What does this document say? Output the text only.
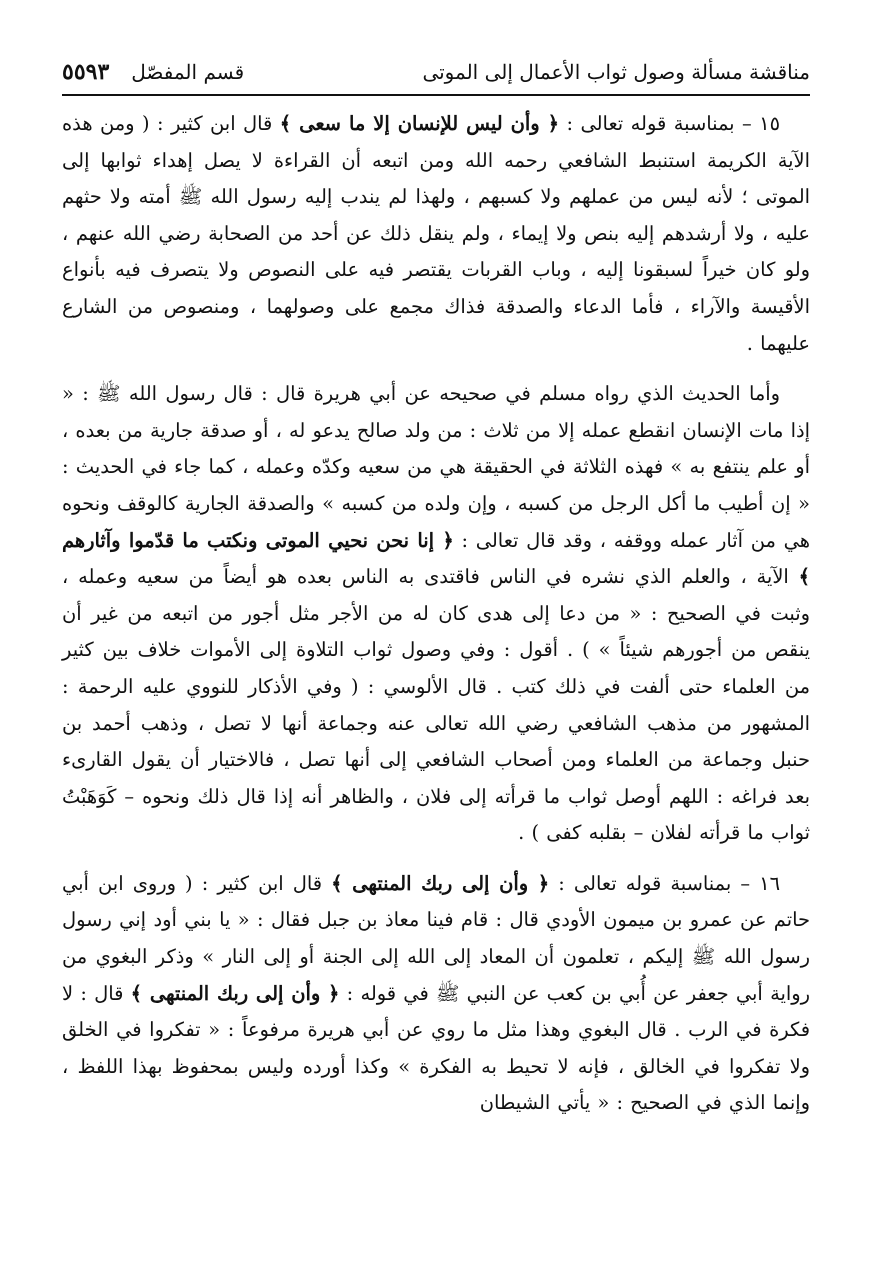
مناقشة مسألة وصول ثواب الأعمال إلى الموتى
قسم المفصّل
٥٥٩٣

١٥ – بمناسبة قوله تعالى : ﴿ وأن ليس للإنسان إلا ما سعى ﴾ قال ابن كثير : ( ومن هذه الآية الكريمة استنبط الشافعي رحمه الله ومن اتبعه أن القراءة لا يصل إهداء ثوابها إلى الموتى ؛ لأنه ليس من عملهم ولا كسبهم ، ولهذا لم يندب إليه رسول الله ﷺ أمته ولا حثهم عليه ، ولا أرشدهم إليه بنص ولا إيماء ، ولم ينقل ذلك عن أحد من الصحابة رضي الله عنهم ، ولو كان خيراً لسبقونا إليه ، وباب القربات يقتصر فيه على النصوص ولا يتصرف فيه بأنواع الأقيسة والآراء ، فأما الدعاء والصدقة فذاك مجمع على وصولهما ، ومنصوص من الشارع عليهما .

وأما الحديث الذي رواه مسلم في صحيحه عن أبي هريرة قال : قال رسول الله ﷺ : « إذا مات الإنسان انقطع عمله إلا من ثلاث : من ولد صالح يدعو له ، أو صدقة جارية من بعده ، أو علم ينتفع به » فهذه الثلاثة في الحقيقة هي من سعيه وكدّه وعمله ، كما جاء في الحديث : « إن أطيب ما أكل الرجل من كسبه ، وإن ولده من كسبه » والصدقة الجارية كالوقف ونحوه هي من آثار عمله ووقفه ، وقد قال تعالى : ﴿ إنا نحن نحيي الموتى ونكتب ما قدّموا وآثارهم ﴾ الآية ، والعلم الذي نشره في الناس فاقتدى به الناس بعده هو أيضاً من سعيه وعمله ، وثبت في الصحيح : « من دعا إلى هدى كان له من الأجر مثل أجور من اتبعه من غير أن ينقص من أجورهم شيئاً » ) . أقول : وفي وصول ثواب التلاوة إلى الأموات خلاف بين كثير من العلماء حتى ألفت في ذلك كتب . قال الألوسي : ( وفي الأذكار للنووي عليه الرحمة : المشهور من مذهب الشافعي رضي الله تعالى عنه وجماعة أنها لا تصل ، وذهب أحمد بن حنبل وجماعة من العلماء ومن أصحاب الشافعي إلى أنها تصل ، فالاختيار أن يقول القارىء بعد فراغه : اللهم أوصل ثواب ما قرأته إلى فلان ، والظاهر أنه إذا قال ذلك ونحوه – كَوَهَبْتُ ثواب ما قرأته لفلان – بقلبه كفى ) .

١٦ – بمناسبة قوله تعالى : ﴿ وأن إلى ربك المنتهى ﴾ قال ابن كثير : ( وروى ابن أبي حاتم عن عمرو بن ميمون الأودي قال : قام فينا معاذ بن جبل فقال : « يا بني أود إني رسول رسول الله ﷺ إليكم ، تعلمون أن المعاد إلى الله إلى الجنة أو إلى النار » وذكر البغوي من رواية أبي جعفر عن أُبي بن كعب عن النبي ﷺ في قوله : ﴿ وأن إلى ربك المنتهى ﴾ قال : لا فكرة في الرب . قال البغوي وهذا مثل ما روي عن أبي هريرة مرفوعاً : « تفكروا في الخلق ولا تفكروا في الخالق ، فإنه لا تحيط به الفكرة » وكذا أورده وليس بمحفوظ بهذا اللفظ ، وإنما الذي في الصحيح : « يأتي الشيطان
